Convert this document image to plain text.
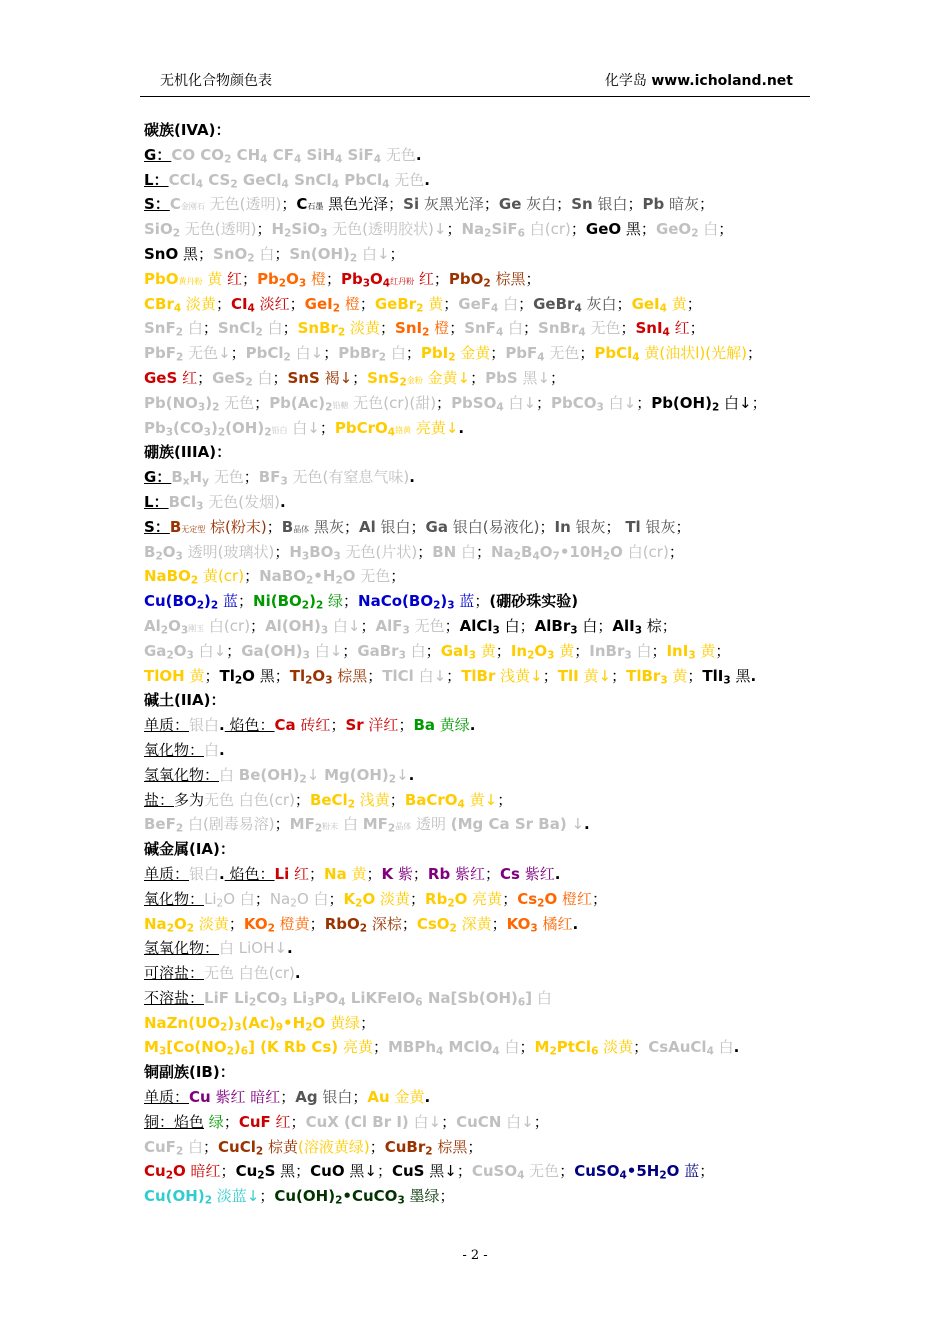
无机化合物颜色表	化学岛 www.icholand.net
碳族(IVA)：
G：CO $CO_2$ $CH_4$ $CF_4$ SiH$_4$ SiF$_4$ 无色.
L：CCl$_4$ $CS_2$ GeCl$_4$ SnCl$_4$ PbCl$_4$ 无色.
S：C金刚石 无色(透明)；C石墨 黑色光泽；Si 灰黑光泽；Ge 灰白；Sn 银白；Pb 暗灰；
SiO$_2$ 无色(透明)；$H_2SiO_3$ 无色(透明胶状)↓；$Na_2SiF_6$ 白(cr)；GeO 黑；GeO$_2$ 白；
SnO 黑；SnO$_2$ 白；$Sn(OH)_2$ 白↓；
PbO黄丹粉 黄 红；$Pb_2O_3$ 橙；$Pb_3O_4$红丹粉 红；PbO$_2$ 棕黑；
CBr$_4$ 淡黄；$CI_4$ 淡红；GeI$_2$ 橙；GeBr$_2$ 黄；GeF$_4$ 白；GeBr$_4$ 灰白；GeI$_4$ 黄；
SnF$_2$ 白；SnCl$_2$ 白；SnBr$_2$ 淡黄；SnI$_2$ 橙；SnF$_4$ 白；SnBr$_4$ 无色；SnI$_4$ 红；
PbF$_2$ 无色↓；PbCl$_2$ 白↓；PbBr$_2$ 白；PbI$_2$ 金黄；PbF$_4$ 无色；PbCl$_4$ 黄(油状l)(光解)；
GeS 红；GeS$_2$ 白；SnS 褐↓；SnS$_2$金粉 金黄↓；PbS 黑↓；
$Pb(NO_3)_2$ 无色；$Pb(Ac)_2$铅糖 无色(cr)(甜)；PbSO$_4$ 白↓；PbCO$_3$ 白↓；$Pb(OH)_2$ 白↓；
$Pb_3(CO_3)_2(OH)_2$铅白 白↓；PbCrO$_4$铬黄 亮黄↓.
硼族(IIIA)：
G：$B_xH_y$ 无色；$BF_3$ 无色(有窒息气味).
L：BCl$_3$ 无色(发烟).
S：B无定型 棕(粉末)；B晶体 黑灰；Al 银白；Ga 银白(易液化)；In 银灰； Tl 银灰；
$B_2O_3$ 透明(玻璃状)；$H_3BO_3$ 无色(片状)；BN 白；$Na_2B_4O_7•10H_2O$ 白(cr)；
NaBO$_2$ 黄(cr)；$NaBO_2•H_2O$ 无色；
$Cu(BO_2)_2$ 蓝；$Ni(BO_2)_2$ 绿；$NaCo(BO_2)_3$ 蓝；(硼砂珠实验)
$Al_2O_3$刚玉 白(cr)；$Al(OH)_3$ 白↓；AlF$_3$ 无色；AlCl$_3$ 白；AlBr$_3$ 白；AlI$_3$ 棕；
$Ga_2O_3$ 白↓；$Ga(OH)_3$ 白↓；GaBr$_3$ 白；GaI$_3$ 黄；$In_2O_3$ 黄；InBr$_3$ 白；InI$_3$ 黄；
TlOH 黄；$Tl_2O$ 黑；$Tl_2O_3$ 棕黑；TlCl 白↓；TlBr 浅黄↓；TlI 黄↓；TlBr$_3$ 黄；TlI$_3$ 黑.
碱土(IIA)：
单质：银白. 焰色：Ca 砖红；Sr 洋红；Ba 黄绿.
氧化物：白.
氢氧化物：白 $Be(OH)_2↓$ $Mg(OH)_2↓$.
盐：多为无色 白色(cr)；BeCl$_2$ 浅黄；BaCrO$_4$ 黄↓；
BeF$_2$ 白(剧毒易溶)；$MF_2$粉末 白 $MF_2$晶体 透明 (Mg Ca Sr Ba) ↓.
碱金属(IA)：
单质：银白. 焰色：Li 红；Na 黄；K 紫；Rb 紫红；Cs 紫红.
氧化物：$Li_2O$ 白；$Na_2O$ 白；$K_2O$ 淡黄；$Rb_2O$ 亮黄；$Cs_2O$ 橙红；
$Na_2O_2$ 淡黄；$KO_2$ 橙黄；RbO$_2$ 深棕；CsO$_2$ 深黄；$KO_3$ 橘红.
氢氧化物：白 LiOH↓.
可溶盐：无色 白色(cr).
不溶盐：LiF $Li_2CO_3$ $Li_3PO_4$ LiKFeIO$_6$ $Na[Sb(OH)_6]$ 白
$NaZn(UO_2)_3(Ac)_9•H_2O$ 黄绿；
$M_3[Co(NO_2)_6]$ (K Rb Cs) 亮黄；MBPh$_4$ MClO$_4$ 白；$M_2PtCl_6$ 淡黄；CsAuCl$_4$ 白.
铜副族(IB)：
单质：Cu 紫红 暗红；Ag 银白；Au 金黄.
铜：焰色 绿；CuF 红；CuX (Cl Br I) 白↓；CuCN 白↓；
CuF$_2$ 白；CuCl$_2$ 棕黄(溶液黄绿)；CuBr$_2$ 棕黑；
$Cu_2O$ 暗红；$Cu_2S$ 黑；CuO 黑↓；CuS 黑↓；CuSO$_4$ 无色；$CuSO_4•5H_2O$ 蓝；
$Cu(OH)_2$ 淡蓝↓；$Cu(OH)_2•CuCO_3$ 墨绿；
- 2 -
